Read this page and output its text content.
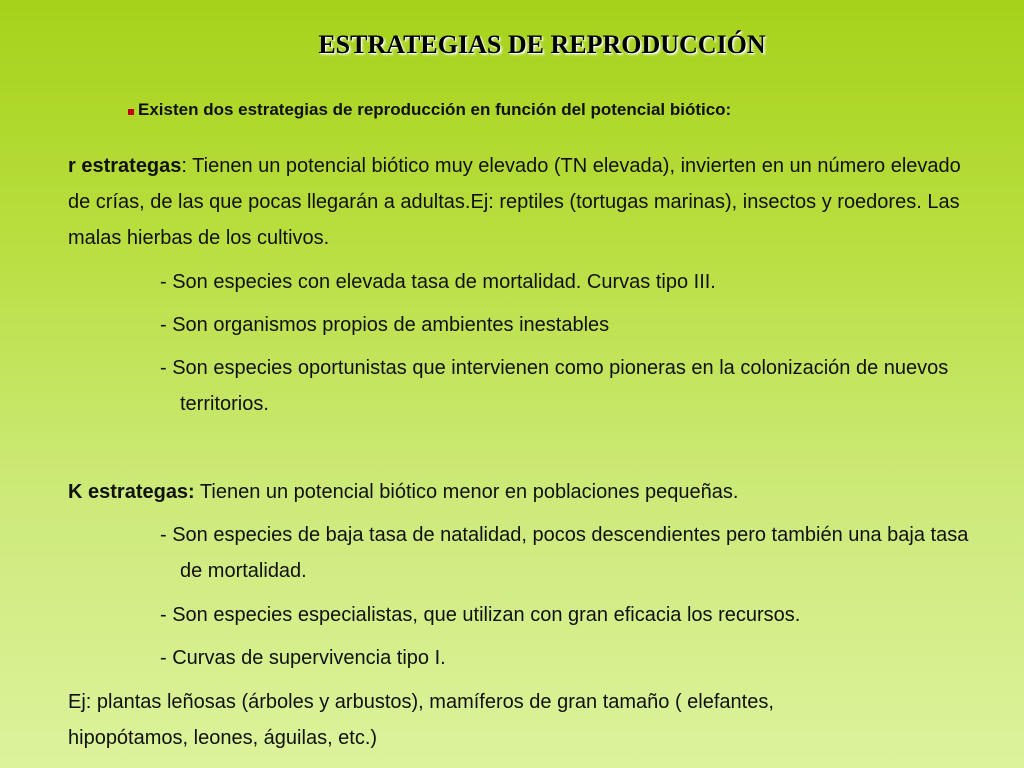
ESTRATEGIAS DE REPRODUCCIÓN
Existen dos estrategias de reproducción en función del potencial biótico:
r estrategas: Tienen un potencial biótico muy elevado (TN elevada), invierten en un número elevado de crías, de las que pocas llegarán a adultas.Ej: reptiles (tortugas marinas), insectos y roedores. Las malas hierbas de los cultivos.
- Son especies con elevada tasa de mortalidad. Curvas tipo III.
- Son organismos propios de ambientes inestables
- Son especies oportunistas que intervienen como pioneras en la colonización de nuevos territorios.
K estrategas: Tienen un potencial biótico menor en poblaciones pequeñas.
- Son especies de baja tasa de natalidad, pocos descendientes pero también una baja tasa de mortalidad.
- Son especies especialistas, que utilizan con gran eficacia los recursos.
- Curvas de supervivencia tipo I.
Ej: plantas leñosas (árboles y arbustos), mamíferos de gran tamaño ( elefantes, hipopótamos, leones, águilas, etc.)
